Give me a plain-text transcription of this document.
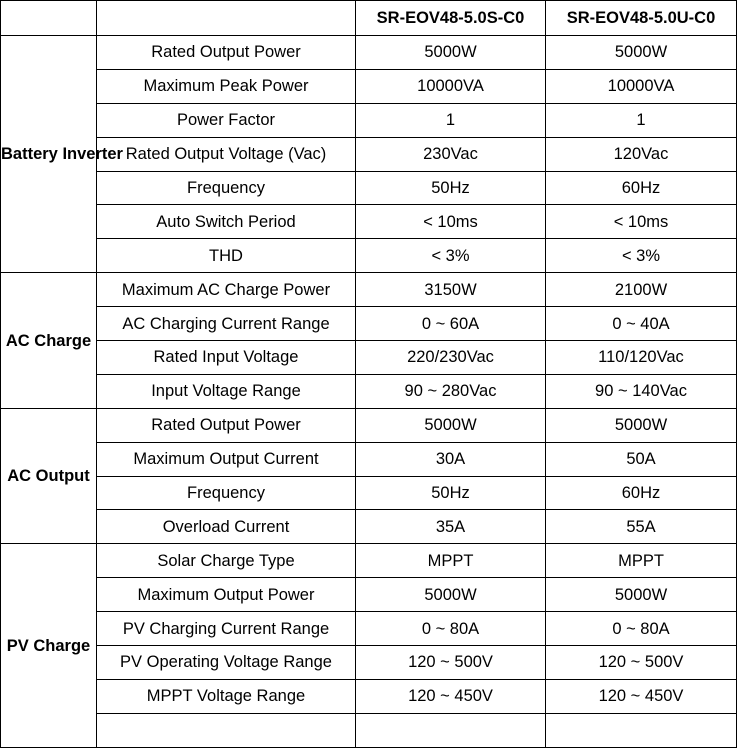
		SR-EOV48-5.0S-C0	SR-EOV48-5.0U-C0
Battery Inverter	Rated Output Power	5000W	5000W
	Maximum Peak Power	10000VA	10000VA
	Power Factor	1	1
	Rated Output Voltage (Vac)	230Vac	120Vac
	Frequency	50Hz	60Hz
	Auto Switch Period	< 10ms	< 10ms
	THD	< 3%	< 3%
AC Charge	Maximum AC Charge Power	3150W	2100W
	AC Charging Current Range	0 ~ 60A	0 ~ 40A
	Rated Input Voltage	220/230Vac	110/120Vac
	Input Voltage Range	90 ~ 280Vac	90 ~ 140Vac
AC Output	Rated Output Power	5000W	5000W
	Maximum Output Current	30A	50A
	Frequency	50Hz	60Hz
	Overload Current	35A	55A
PV Charge	Solar Charge Type	MPPT	MPPT
	Maximum Output Power	5000W	5000W
	PV Charging Current Range	0 ~ 80A	0 ~ 80A
	PV Operating Voltage Range	120 ~ 500V	120 ~ 500V
	MPPT Voltage Range	120 ~ 450V	120 ~ 450V
